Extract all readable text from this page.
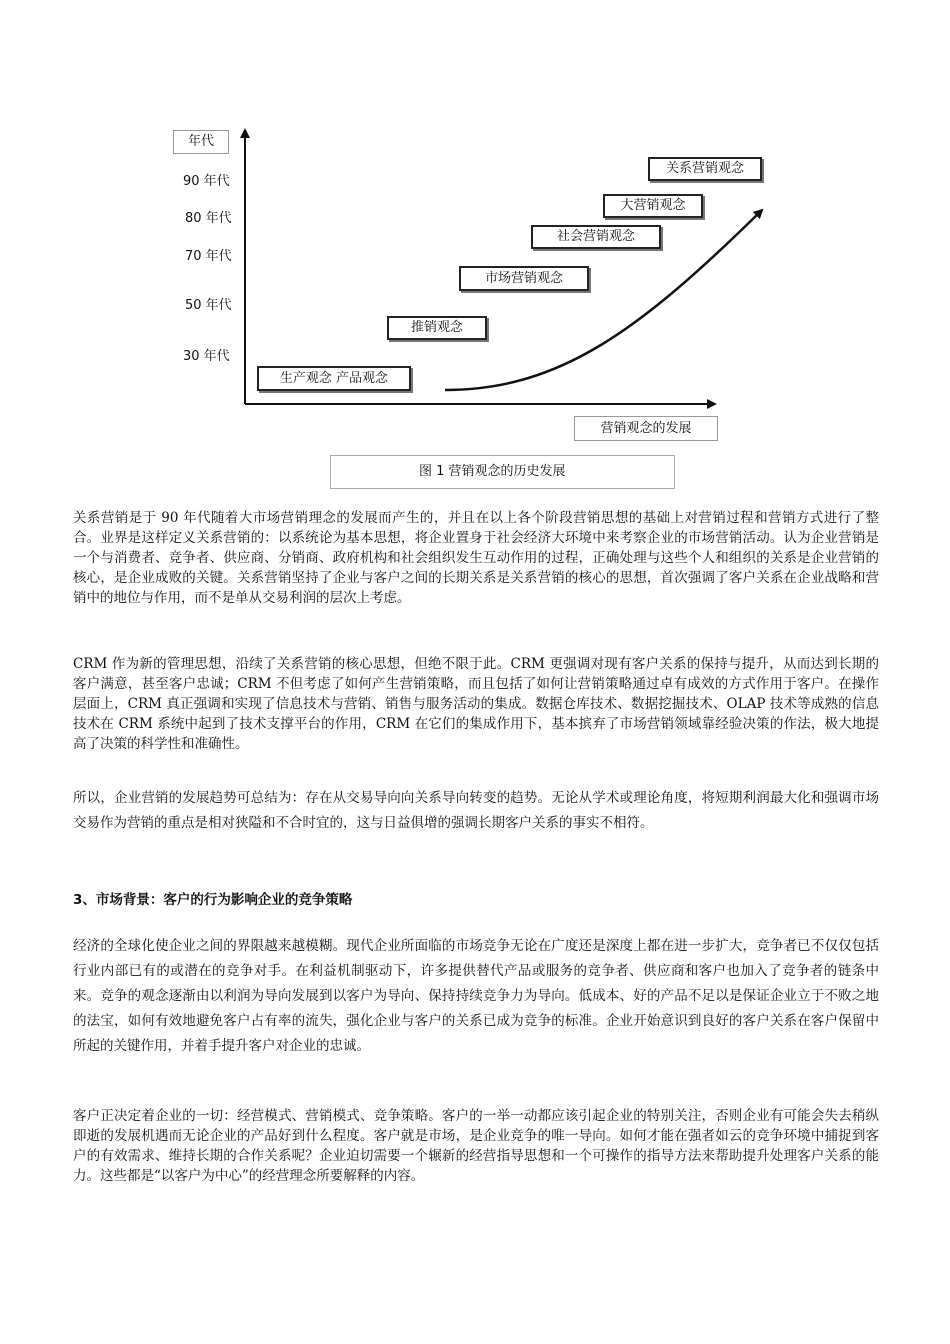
年代
90 年代
80 年代
70 年代
50 年代
30 年代
生产观念 产品观念
推销观念
市场营销观念
社会营销观念
大营销观念
关系营销观念
营销观念的发展
图 1 营销观念的历史发展

关系营销是于 90 年代随着大市场营销理念的发展而产生的，并且在以上各个阶段营销思想的基础上对营销过程和营销方式进行了整合。业界是这样定义关系营销的：以系统论为基本思想，将企业置身于社会经济大环境中来考察企业的市场营销活动。认为企业营销是一个与消费者、竞争者、供应商、分销商、政府机构和社会组织发生互动作用的过程，正确处理与这些个人和组织的关系是企业营销的核心，是企业成败的关键。关系营销坚持了企业与客户之间的长期关系是关系营销的核心的思想，首次强调了客户关系在企业战略和营销中的地位与作用，而不是单从交易利润的层次上考虑。

CRM 作为新的管理思想，沿续了关系营销的核心思想，但绝不限于此。CRM 更强调对现有客户关系的保持与提升，从而达到长期的客户满意，甚至客户忠诚；CRM 不但考虑了如何产生营销策略，而且包括了如何让营销策略通过卓有成效的方式作用于客户。在操作层面上，CRM 真正强调和实现了信息技术与营销、销售与服务活动的集成。数据仓库技术、数据挖掘技术、OLAP 技术等成熟的信息技术在 CRM 系统中起到了技术支撑平台的作用，CRM 在它们的集成作用下，基本摈弃了市场营销领域靠经验决策的作法，极大地提高了决策的科学性和准确性。

所以，企业营销的发展趋势可总结为：存在从交易导向向关系导向转变的趋势。无论从学术或理论角度，将短期利润最大化和强调市场交易作为营销的重点是相对狭隘和不合时宜的，这与日益俱增的强调长期客户关系的事实不相符。

3、市场背景：客户的行为影响企业的竞争策略

经济的全球化使企业之间的界限越来越模糊。现代企业所面临的市场竞争无论在广度还是深度上都在进一步扩大，竞争者已不仅仅包括行业内部已有的或潜在的竞争对手。在利益机制驱动下，许多提供替代产品或服务的竞争者、供应商和客户也加入了竞争者的链条中来。竞争的观念逐渐由以利润为导向发展到以客户为导向、保持持续竞争力为导向。低成本、好的产品不足以是保证企业立于不败之地的法宝，如何有效地避免客户占有率的流失，强化企业与客户的关系已成为竞争的标准。企业开始意识到良好的客户关系在客户保留中所起的关键作用，并着手提升客户对企业的忠诚。

客户正决定着企业的一切：经营模式、营销模式、竞争策略。客户的一举一动都应该引起企业的特别关注，否则企业有可能会失去稍纵即逝的发展机遇而无论企业的产品好到什么程度。客户就是市场，是企业竞争的唯一导向。如何才能在强者如云的竞争环境中捕捉到客户的有效需求、维持长期的合作关系呢？企业迫切需要一个辗新的经营指导思想和一个可操作的指导方法来帮助提升处理客户关系的能力。这些都是“以客户为中心”的经营理念所要解释的内容。
